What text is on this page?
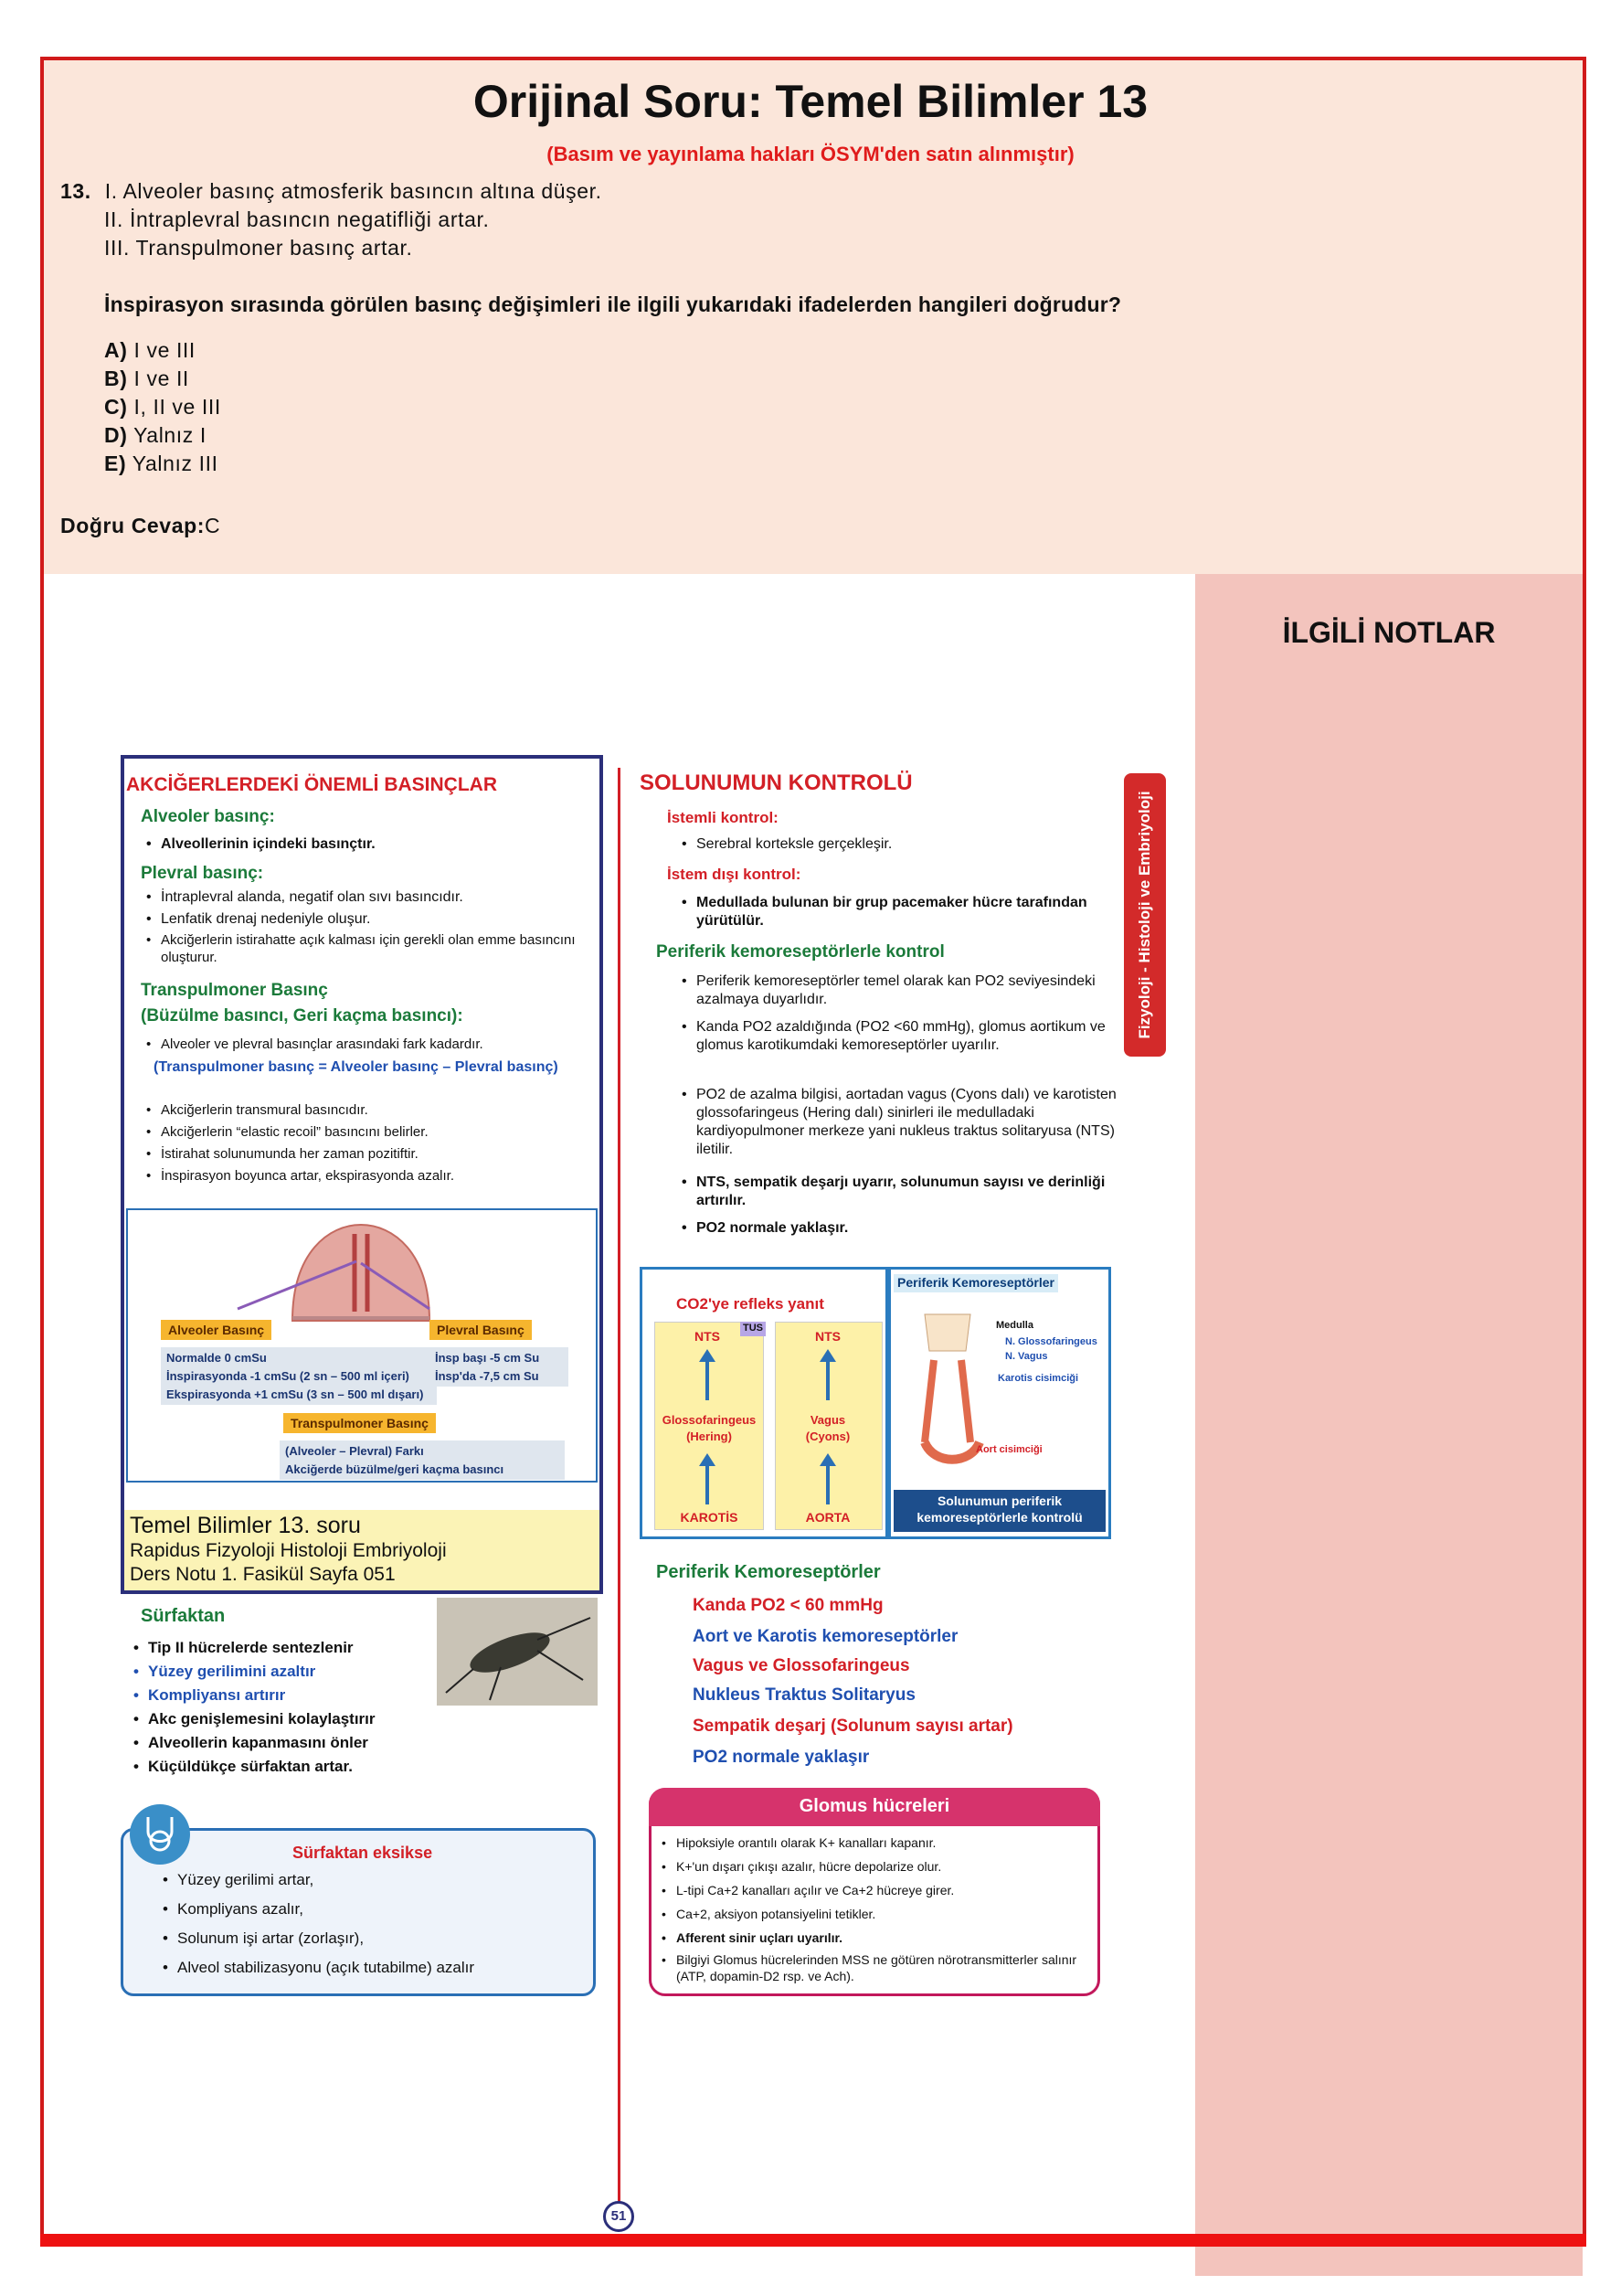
Orijinal Soru: Temel Bilimler 13
(Basım ve yayınlama hakları ÖSYM'den satın alınmıştır)
13. I. Alveoler basınç atmosferik basıncın altına düşer.
II. İntraplevral basıncın negatifliği artar.
III. Transpulmoner basınç artar.
İnspirasyon sırasında görülen basınç değişimleri ile ilgili yukarıdaki ifadelerden hangileri doğrudur?
A) I ve III
B) I ve II
C) I, II ve III
D) Yalnız I
E) Yalnız III
Doğru Cevap:C
İLGİLİ NOTLAR
AKCİĞERLERDEKİ ÖNEMLİ BASINÇLAR
Alveoler basınç:
• Alveollerinin içindeki basınçtır.
Plevral basınç:
• İntraplevral alanda, negatif olan sıvı basıncıdır.
• Lenfatik drenaj nedeniyle oluşur.
• Akciğerlerin istirahatte açık kalması için gerekli olan emme basıncını oluşturur.
Transpulmoner Basınç
(Büzülme basıncı, Geri kaçma basıncı):
• Alveoler ve plevral basınçlar arasındaki fark kadardır.
(Transpulmoner basınç = Alveoler basınç – Plevral basınç)
• Akciğerlerin transmural basıncıdır.
• Akciğerlerin “elastic recoil” basıncını belirler.
• İstirahat solunumunda her zaman pozitiftir.
• İnspirasyon boyunca artar, ekspirasyonda azalır.
Alveoler Basınç	Plevral Basınç
Normalde 0 cmSu
İnspirasyonda -1 cmSu (2 sn – 500 ml içeri)
Ekspirasyonda +1 cmSu (3 sn – 500 ml dışarı)
İnsp başı -5 cm Su
İnsp'da -7,5 cm Su
Transpulmoner Basınç
(Alveoler – Plevral) Farkı
Akciğerde büzülme/geri kaçma basıncı
Temel Bilimler 13. soru
Rapidus Fizyoloji Histoloji Embriyoloji
Ders Notu 1. Fasikül Sayfa 051
Sürfaktan
• Tip II hücrelerde sentezlenir
• Yüzey gerilimini azaltır
• Kompliyansı artırır
• Akc genişlemesini kolaylaştırır
• Alveollerin kapanmasını önler
• Küçüldükçe sürfaktan artar.
Sürfaktan eksikse
• Yüzey gerilimi artar,
• Kompliyans azalır,
• Solunum işi artar (zorlaşır),
• Alveol stabilizasyonu (açık tutabilme) azalır
SOLUNUMUN KONTROLÜ
İstemli kontrol:
• Serebral korteksle gerçekleşir.
İstem dışı kontrol:
• Medullada bulunan bir grup pacemaker hücre tarafından yürütülür.
Periferik kemoreseptörlerle kontrol
• Periferik kemoreseptörler temel olarak kan PO2 seviyesindeki azalmaya duyarlıdır.
• Kanda PO2 azaldığında (PO2 <60 mmHg), glomus aortikum ve glomus karotikumdaki kemoreseptörler uyarılır.
• PO2 de azalma bilgisi, aortadan vagus (Cyons dalı) ve karotisten glossofaringeus (Hering dalı) sinirleri ile medulladaki kardiyopulmoner merkeze yani nukleus traktus solitaryusa (NTS) iletilir.
• NTS, sempatik deşarjı uyarır, solunumun sayısı ve derinliği artırılır.
• PO2 normale yaklaşır.
Fizyoloji - Histoloji ve Embriyoloji
CO2'ye refleks yanıt
NTS
TUS
Glossofaringeus
(Hering)
KAROTİS
NTS
Vagus
(Cyons)
AORTA
Periferik Kemoreseptörler
Medulla
N. Glossofaringeus
N. Vagus
Karotis cisimciği
Aort cisimciği
Solunumun periferik kemoreseptörlerle kontrolü
Periferik Kemoreseptörler
Kanda PO2 < 60 mmHg
Aort ve Karotis kemoreseptörler
Vagus ve Glossofaringeus
Nukleus Traktus Solitaryus
Sempatik deşarj (Solunum sayısı artar)
PO2 normale yaklaşır
Glomus hücreleri
• Hipoksiyle orantılı olarak K+ kanalları kapanır.
• K+'un dışarı çıkışı azalır, hücre depolarize olur.
• L-tipi Ca+2 kanalları açılır ve Ca+2 hücreye girer.
• Ca+2, aksiyon potansiyelini tetikler.
• Afferent sinir uçları uyarılır.
• Bilgiyi Glomus hücrelerinden MSS ne götüren nörotransmitterler salınır (ATP, dopamin-D2 rsp. ve Ach).
51
